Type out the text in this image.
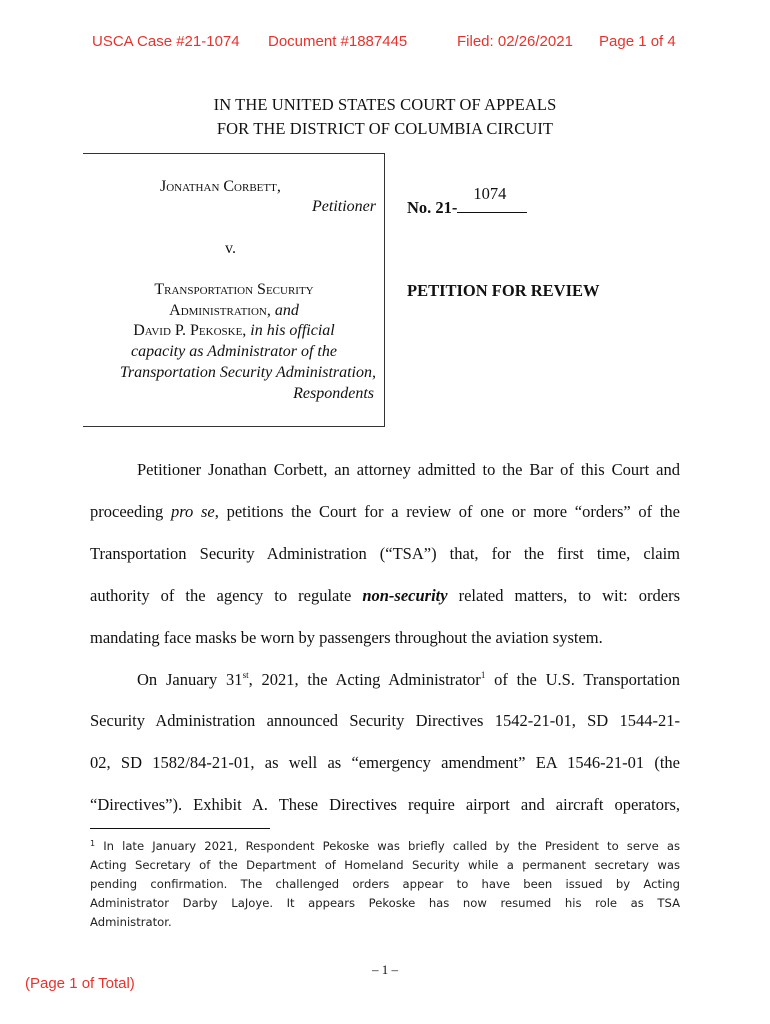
USCA Case #21-1074 Document #1887445	Filed: 02/26/2021 Page 1 of 4
IN THE UNITED STATES COURT OF APPEALS
FOR THE DISTRICT OF COLUMBIA CIRCUIT
Jonathan Corbett,
Petitioner
v.
Transportation Security
Administration, and
David P. Pekoske, in his official
capacity as Administrator of the
Transportation Security Administration,
Respondents
No. 21-
1074
PETITION FOR REVIEW
Petitioner Jonathan Corbett, an attorney admitted to the Bar of this Court and
proceeding pro se, petitions the Court for a review of one or more “orders” of the
Transportation Security Administration (“TSA”) that, for the first time, claim
authority of the agency to regulate non-security related matters, to wit: orders
mandating face masks be worn by passengers throughout the aviation system.
On January 31st, 2021, the Acting Administrator$^1$ of the U.S. Transportation
Security Administration announced Security Directives 1542-21-01, SD 1544-21-
02, SD 1582/84-21-01, as well as “emergency amendment” EA 1546-21-01 (the
“Directives”). Exhibit A. These Directives require airport and aircraft operators,
$^1$ In late January 2021, Respondent Pekoske was briefly called by the President to serve as
Acting Secretary of the Department of Homeland Security while a permanent secretary was
pending confirmation. The challenged orders appear to have been issued by Acting
Administrator Darby LaJoye. It appears Pekoske has now resumed his role as TSA
Administrator.
– 1 –
(Page 1 of Total)
